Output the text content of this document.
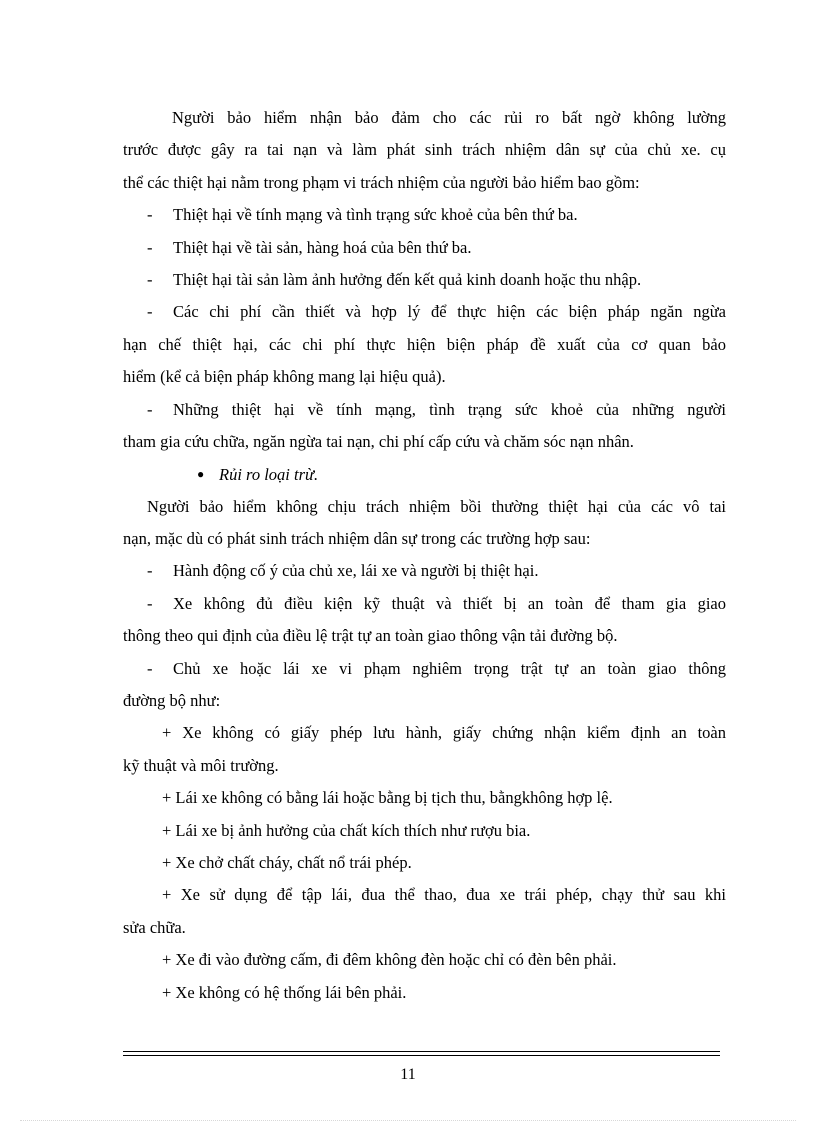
Người bảo hiểm nhận bảo đảm cho các rủi ro bất ngờ không lường
trước được gây ra tai nạn và làm phát sinh trách nhiệm dân sự của chủ xe. cụ
thể các thiệt hại nằm trong phạm vi trách nhiệm của người bảo hiểm bao gồm:
- Thiệt hại về tính mạng và tình trạng sức khoẻ của bên thứ ba.
- Thiệt hại về tài sản, hàng hoá của bên thứ ba.
- Thiệt hại tài sản làm ảnh hưởng đến kết quả kinh doanh hoặc thu nhập.
- Các chi phí cần thiết và hợp lý để thực hiện các biện pháp ngăn ngừa
hạn chế thiệt hại, các chi phí thực hiện biện pháp đề xuất của cơ quan bảo
hiểm (kể cả biện pháp không mang lại hiệu quả).
- Những thiệt hại về tính mạng, tình trạng sức khoẻ của những người
tham gia cứu chữa, ngăn ngừa tai nạn, chi phí cấp cứu và chăm sóc nạn nhân.
● Rủi ro loại trừ.
Người bảo hiểm không chịu trách nhiệm bồi thường thiệt hại của các vô tai
nạn, mặc dù có phát sinh trách nhiệm dân sự trong các trường hợp sau:
- Hành động cố ý của chủ xe, lái xe và người bị thiệt hại.
- Xe không đủ điều kiện kỹ thuật và thiết bị an toàn để tham gia giao
thông theo qui định của điều lệ trật tự an toàn giao thông vận tải đường bộ.
- Chủ xe hoặc lái xe vi phạm nghiêm trọng trật tự an toàn giao thông
đường bộ như:
+ Xe không có giấy phép lưu hành, giấy chứng nhận kiểm định an toàn
kỹ thuật và môi trường.
+ Lái xe không có bằng lái hoặc bằng bị tịch thu, bằngkhông hợp lệ.
+ Lái xe bị ảnh hưởng của chất kích thích như rượu bia.
+ Xe chở chất cháy, chất nổ trái phép.
+ Xe sử dụng để tập lái, đua thể thao, đua xe trái phép, chạy thử sau khi
sửa chữa.
+ Xe đi vào đường cấm, đi đêm không đèn hoặc chỉ có đèn bên phải.
+ Xe không có hệ thống lái bên phải.
11
